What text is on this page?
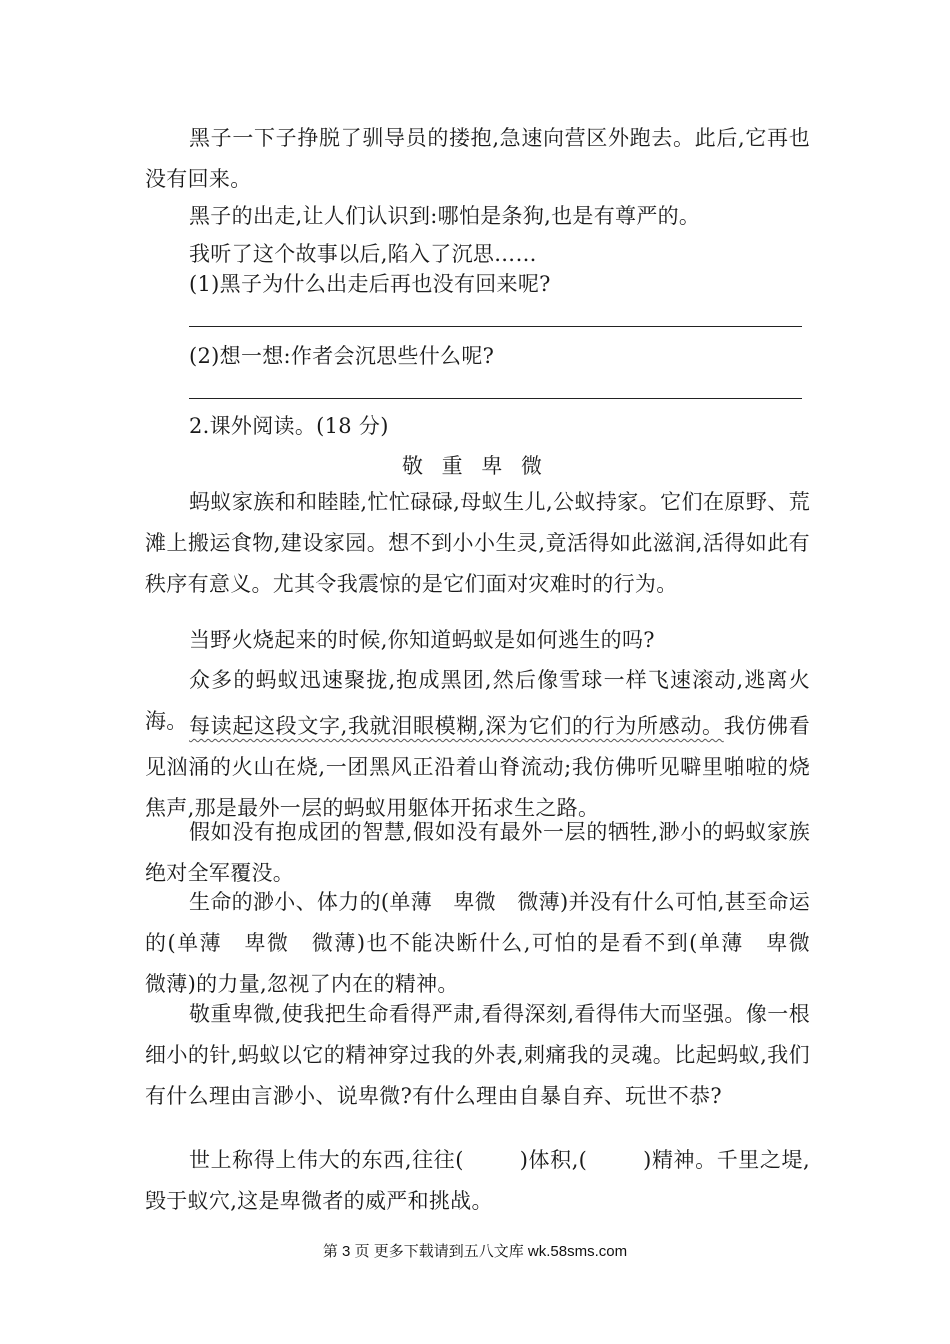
黑子一下子挣脱了驯导员的搂抱,急速向营区外跑去。此后,它再也没有回来。

黑子的出走,让人们认识到:哪怕是条狗,也是有尊严的。

我听了这个故事以后,陷入了沉思……

(1)黑子为什么出走后再也没有回来呢?

(2)想一想:作者会沉思些什么呢?

2.课外阅读。(18 分)

敬 重 卑 微

蚂蚁家族和和睦睦,忙忙碌碌,母蚁生儿,公蚁持家。它们在原野、荒滩上搬运食物,建设家园。想不到小小生灵,竟活得如此滋润,活得如此有秩序有意义。尤其令我震惊的是它们面对灾难时的行为。

当野火烧起来的时候,你知道蚂蚁是如何逃生的吗?

众多的蚂蚁迅速聚拢,抱成黑团,然后像雪球一样飞速滚动,逃离火海。 每读起这段文字,我就泪眼模糊,深为它们的行为所感动。我仿佛看见汹涌的火山在烧,一团黑风正沿着山脊流动;我仿佛听见噼里啪啦的烧焦声,那是最外一层的蚂蚁用躯体开拓求生之路。

假如没有抱成团的智慧,假如没有最外一层的牺牲,渺小的蚂蚁家族绝对全军覆没。

生命的渺小、体力的(单薄　卑微　微薄)并没有什么可怕,甚至命运的(单薄　卑微　微薄)也不能决断什么,可怕的是看不到(单薄　卑微　微薄)的力量,忽视了内在的精神。

敬重卑微,使我把生命看得严肃,看得深刻,看得伟大而坚强。像一根细小的针,蚂蚁以它的精神穿过我的外表,刺痛我的灵魂。比起蚂蚁,我们有什么理由言渺小、说卑微?有什么理由自暴自弃、玩世不恭?

世上称得上伟大的东西,往往(	)体积,(	)精神。千里之堤,毁于蚁穴,这是卑微者的威严和挑战。

第 3 页 更多下载请到五八文库 wk.58sms.com
